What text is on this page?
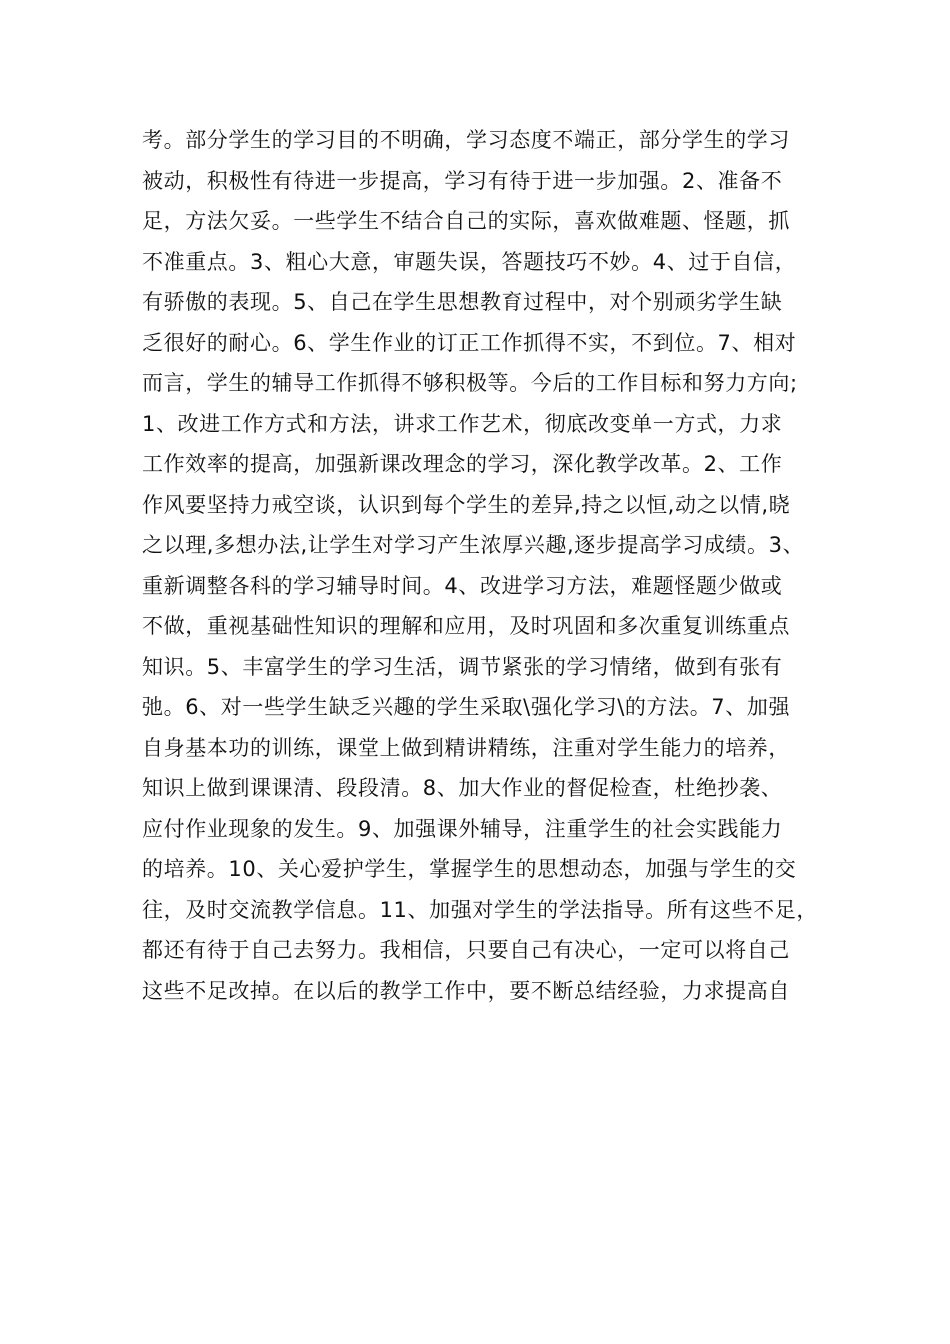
考。部分学生的学习目的不明确，学习态度不端正，部分学生的学习
被动，积极性有待进一步提高，学习有待于进一步加强。2、准备不
足，方法欠妥。一些学生不结合自己的实际，喜欢做难题、怪题，抓
不准重点。3、粗心大意，审题失误，答题技巧不妙。4、过于自信，
有骄傲的表现。5、自己在学生思想教育过程中，对个别顽劣学生缺
乏很好的耐心。6、学生作业的订正工作抓得不实，不到位。7、相对
而言，学生的辅导工作抓得不够积极等。今后的工作目标和努力方向;
1、改进工作方式和方法，讲求工作艺术，彻底改变单一方式，力求
工作效率的提高，加强新课改理念的学习，深化教学改革。2、工作
作风要坚持力戒空谈，认识到每个学生的差异,持之以恒,动之以情,晓
之以理,多想办法,让学生对学习产生浓厚兴趣,逐步提高学习成绩。3、
重新调整各科的学习辅导时间。4、改进学习方法，难题怪题少做或
不做，重视基础性知识的理解和应用，及时巩固和多次重复训练重点
知识。5、丰富学生的学习生活，调节紧张的学习情绪，做到有张有
弛。6、对一些学生缺乏兴趣的学生采取\强化学习\的方法。7、加强
自身基本功的训练，课堂上做到精讲精练，注重对学生能力的培养，
知识上做到课课清、段段清。8、加大作业的督促检查，杜绝抄袭、
应付作业现象的发生。9、加强课外辅导，注重学生的社会实践能力
的培养。10、关心爱护学生，掌握学生的思想动态，加强与学生的交
往，及时交流教学信息。11、加强对学生的学法指导。所有这些不足，
都还有待于自己去努力。我相信，只要自己有决心，一定可以将自己
这些不足改掉。在以后的教学工作中，要不断总结经验，力求提高自
